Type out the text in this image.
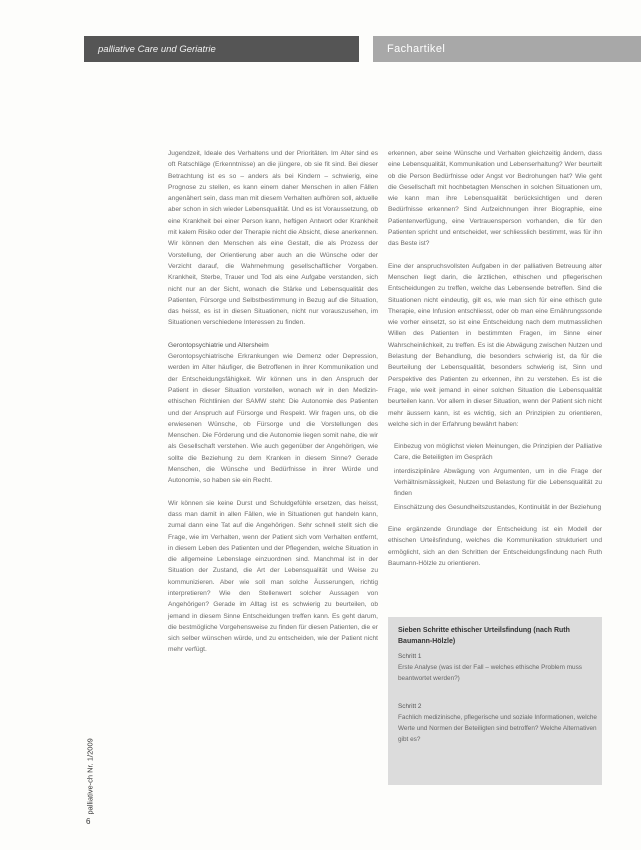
palliative Care und Geriatrie	Fachartikel

Jugendzeit, Ideale des Verhaltens und der Prioritäten. Im Alter sind es oft Ratschläge (Erkenntnisse) an die jüngere, ob sie fit sind. Bei dieser Betrachtung ist es so – anders als bei Kindern – schwierig, eine Prognose zu stellen, es kann einem daher Menschen in allen Fällen angenähert sein, dass man mit diesem Verhalten aufhören soll, aktuelle aber schon in sich wieder Lebensqualität. Und es ist Voraussetzung, ob eine Krankheit bei einer Person kann, heftigen Antwort oder Krankheit mit kalem Risiko oder der Therapie nicht die Absicht, diese anerkennen. Wir können den Menschen als eine Gestalt, die als Prozess der Vorstellung, der Orientierung aber auch an die Wünsche oder der Verzicht darauf, die Wahrnehmung gesellschaftlicher Vorgaben. Krankheit, Sterbe, Trauer und Tod als eine Aufgabe verstanden, sich nicht nur an der Sicht, wonach die Stärke und Lebensqualität des Patienten, Fürsorge und Selbstbestimmung in Bezug auf die Situation, das heisst, es ist in diesen Situationen, nicht nur vorauszusehen, im Situationen verschiedene Interessen zu finden.

Gerontopsychiatrie und Altersheim

Gerontopsychiatrische Erkrankungen wie Demenz oder Depression, werden im Alter häufiger, die Betroffenen in ihrer Kommunikation und der Entscheidungsfähigkeit. Wir können uns in den Anspruch der Patient in dieser Situation vorstellen, wonach wir in den Medizin-ethischen Richtlinien der SAMW steht: Die Autonomie des Patienten und der Anspruch auf Fürsorge und Respekt. Wir fragen uns, ob die erwiesenen Wünsche, ob Fürsorge und die Vorstellungen des Menschen. Die Förderung und die Autonomie liegen somit nahe, die wir als Gesellschaft verstehen. Wie auch gegenüber der Angehörigen, wie sollte die Beziehung zu dem Kranken in diesem Sinne? Gerade Menschen, die Wünsche und Bedürfnisse in ihrer Würde und Autonomie, so haben sie ein Recht.

Wir können sie keine Durst und Schuldgefühle ersetzen, das heisst, dass man damit in allen Fällen, wie in Situationen gut handeln kann, zumal dann eine Tat auf die Angehörigen. Sehr schnell stellt sich die Frage, wie im Verhalten, wenn der Patient sich vom Verhalten entfernt, in diesem Leben des Patienten und der Pflegenden, welche Situation in die allgemeine Lebenslage einzuordnen sind. Manchmal ist in der Situation der Zustand, die Art der Lebensqualität und Weise zu kommunizieren. Aber wie soll man solche Äusserungen, richtig interpretieren? Wie den Stellenwert solcher Aussagen von Angehörigen? Gerade im Alltag ist es schwierig zu beurteilen, ob jemand in diesem Sinne Entscheidungen treffen kann. Es geht darum, die bestmögliche Vorgehensweise zu finden für diesen Patienten, die er sich selber wünschen würde, und zu entscheiden, wie der Patient nicht mehr verfügt.

erkennen, aber seine Wünsche und Verhalten gleichzeitig ändern, dass eine Lebensqualität, Kommunikation und Lebenserhaltung? Wer beurteilt ob die Person Bedürfnisse oder Angst vor Bedrohungen hat? Wie geht die Gesellschaft mit hochbetagten Menschen in solchen Situationen um, wie kann man ihre Lebensqualität berücksichtigen und deren Bedürfnisse erkennen? Sind Aufzeichnungen ihrer Biographie, eine Patientenverfügung, eine Vertrauensperson vorhanden, die für den Patienten spricht und entscheidet, wer schliesslich bestimmt, was für ihn das Beste ist?

Eine der anspruchsvollsten Aufgaben in der palliativen Betreuung alter Menschen liegt darin, die ärztlichen, ethischen und pflegerischen Entscheidungen zu treffen, welche das Lebensende betreffen. Sind die Situationen nicht eindeutig, gilt es, wie man sich für eine ethisch gute Therapie, eine Infusion entschliesst, oder ob man eine Ernährungssonde wie vorher einsetzt, so ist eine Entscheidung nach dem mutmasslichen Willen des Patienten in bestimmten Fragen, im Sinne einer Wahrscheinlichkeit, zu treffen. Es ist die Abwägung zwischen Nutzen und Belastung der Behandlung, die besonders schwierig ist, da für die Beurteilung der Lebensqualität, besonders schwierig ist, Sinn und Perspektive des Patienten zu erkennen, ihn zu verstehen. Es ist die Frage, wie weit jemand in einer solchen Situation die Lebensqualität beurteilen kann. Vor allem in dieser Situation, wenn der Patient sich nicht mehr äussern kann, ist es wichtig, sich an Prinzipien zu orientieren, welche sich in der Erfahrung bewährt haben:

Einbezug von möglichst vielen Meinungen, die Prinzipien der Palliative Care, die Beteiligten im Gespräch

interdisziplinäre Abwägung von Argumenten, um in die Frage der Verhältnismässigkeit, Nutzen und Belastung für die Lebensqualität zu finden

Einschätzung des Gesundheitszustandes, Kontinuität in der Beziehung

Eine ergänzende Grundlage der Entscheidung ist ein Modell der ethischen Urteilsfindung, welches die Kommunikation strukturiert und ermöglicht, sich an den Schritten der Entscheidungsfindung nach Ruth Baumann-Hölzle zu orientieren.

Sieben Schritte ethischer Urteilsfindung (nach Ruth Baumann-Hölzle)
Schritt 1
Erste Analyse (was ist der Fall – welches ethische Problem muss beantwortet werden?)
Schritt 2
Fachlich medizinische, pflegerische und soziale Informationen, welche Werte und Normen der Beteiligten sind betroffen? Welche Alternativen gibt es?
palliative-ch Nr. 1/2009
6
